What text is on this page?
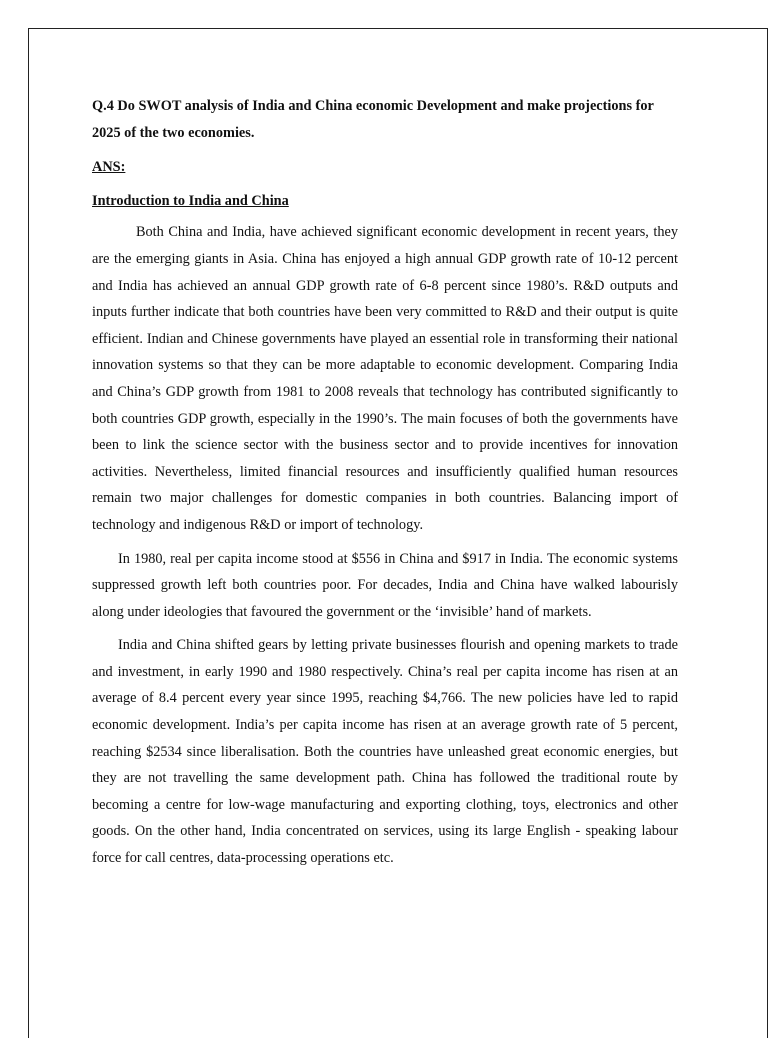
Q.4 Do SWOT analysis of India and China economic Development and make projections for 2025 of the two economies.

ANS:

Introduction to India and China

Both China and India, have achieved significant economic development in recent years, they are the emerging giants in Asia. China has enjoyed a high annual GDP growth rate of 10-12 percent and India has achieved an annual GDP growth rate of 6-8 percent since 1980’s. R&D outputs and inputs further indicate that both countries have been very committed to R&D and their output is quite efficient. Indian and Chinese governments have played an essential role in transforming their national innovation systems so that they can be more adaptable to economic development. Comparing India and China’s GDP growth from 1981 to 2008 reveals that technology has contributed significantly to both countries GDP growth, especially in the 1990’s. The main focuses of both the governments have been to link the science sector with the business sector and to provide incentives for innovation activities. Nevertheless, limited financial resources and insufficiently qualified human resources remain two major challenges for domestic companies in both countries. Balancing import of technology and indigenous R&D or import of technology.

In 1980, real per capita income stood at $556 in China and $917 in India. The economic systems suppressed growth left both countries poor. For decades, India and China have walked labourisly along under ideologies that favoured the government or the ‘invisible’ hand of markets.

India and China shifted gears by letting private businesses flourish and opening markets to trade and investment, in early 1990 and 1980 respectively. China’s real per capita income has risen at an average of 8.4 percent every year since 1995, reaching $4,766. The new policies have led to rapid economic development. India’s per capita income has risen at an average growth rate of 5 percent, reaching $2534 since liberalisation. Both the countries have unleashed great economic energies, but they are not travelling the same development path. China has followed the traditional route by becoming a centre for low-wage manufacturing and exporting clothing, toys, electronics and other goods. On the other hand, India concentrated on services, using its large English - speaking labour force for call centres, data-processing operations etc.
